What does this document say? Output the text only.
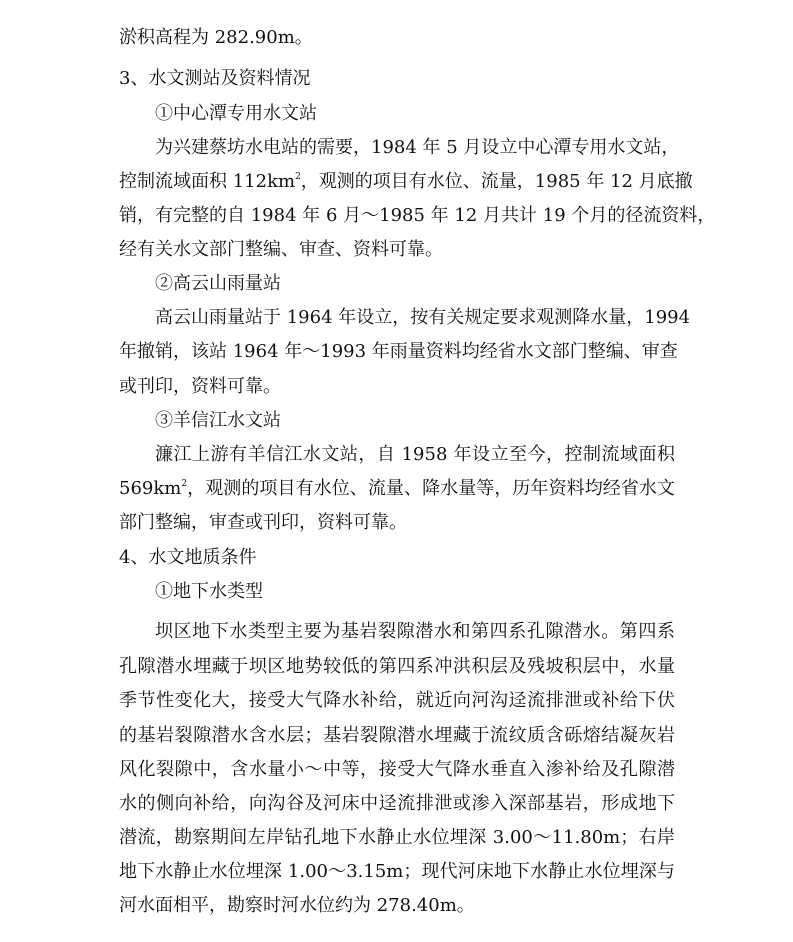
淤积高程为 282.90m。

3、水文测站及资料情况

①中心潭专用水文站

为兴建蔡坊水电站的需要，1984 年 5 月设立中心潭专用水文站，

控制流域面积 $112km^2$，观测的项目有水位、流量，1985 年 12 月底撤

销，有完整的自 1984 年 6 月～1985 年 12 月共计 19 个月的径流资料，

经有关水文部门整编、审查、资料可靠。

②高云山雨量站

高云山雨量站于 1964 年设立，按有关规定要求观测降水量，1994

年撤销，该站 1964 年～1993 年雨量资料均经省水文部门整编、审查

或刊印，资料可靠。

③羊信江水文站

濂江上游有羊信江水文站，自 1958 年设立至今，控制流域面积

$569km^2$，观测的项目有水位、流量、降水量等，历年资料均经省水文

部门整编，审查或刊印，资料可靠。

4、水文地质条件

①地下水类型

坝区地下水类型主要为基岩裂隙潜水和第四系孔隙潜水。第四系

孔隙潜水埋藏于坝区地势较低的第四系冲洪积层及残坡积层中，水量

季节性变化大，接受大气降水补给，就近向河沟迳流排泄或补给下伏

的基岩裂隙潜水含水层；基岩裂隙潜水埋藏于流纹质含砾熔结凝灰岩

风化裂隙中，含水量小～中等，接受大气降水垂直入渗补给及孔隙潜

水的侧向补给，向沟谷及河床中迳流排泄或渗入深部基岩，形成地下

潜流，勘察期间左岸钻孔地下水静止水位埋深 3.00～11.80m；右岸

地下水静止水位埋深 1.00～3.15m；现代河床地下水静止水位埋深与

河水面相平，勘察时河水位约为 278.40m。
